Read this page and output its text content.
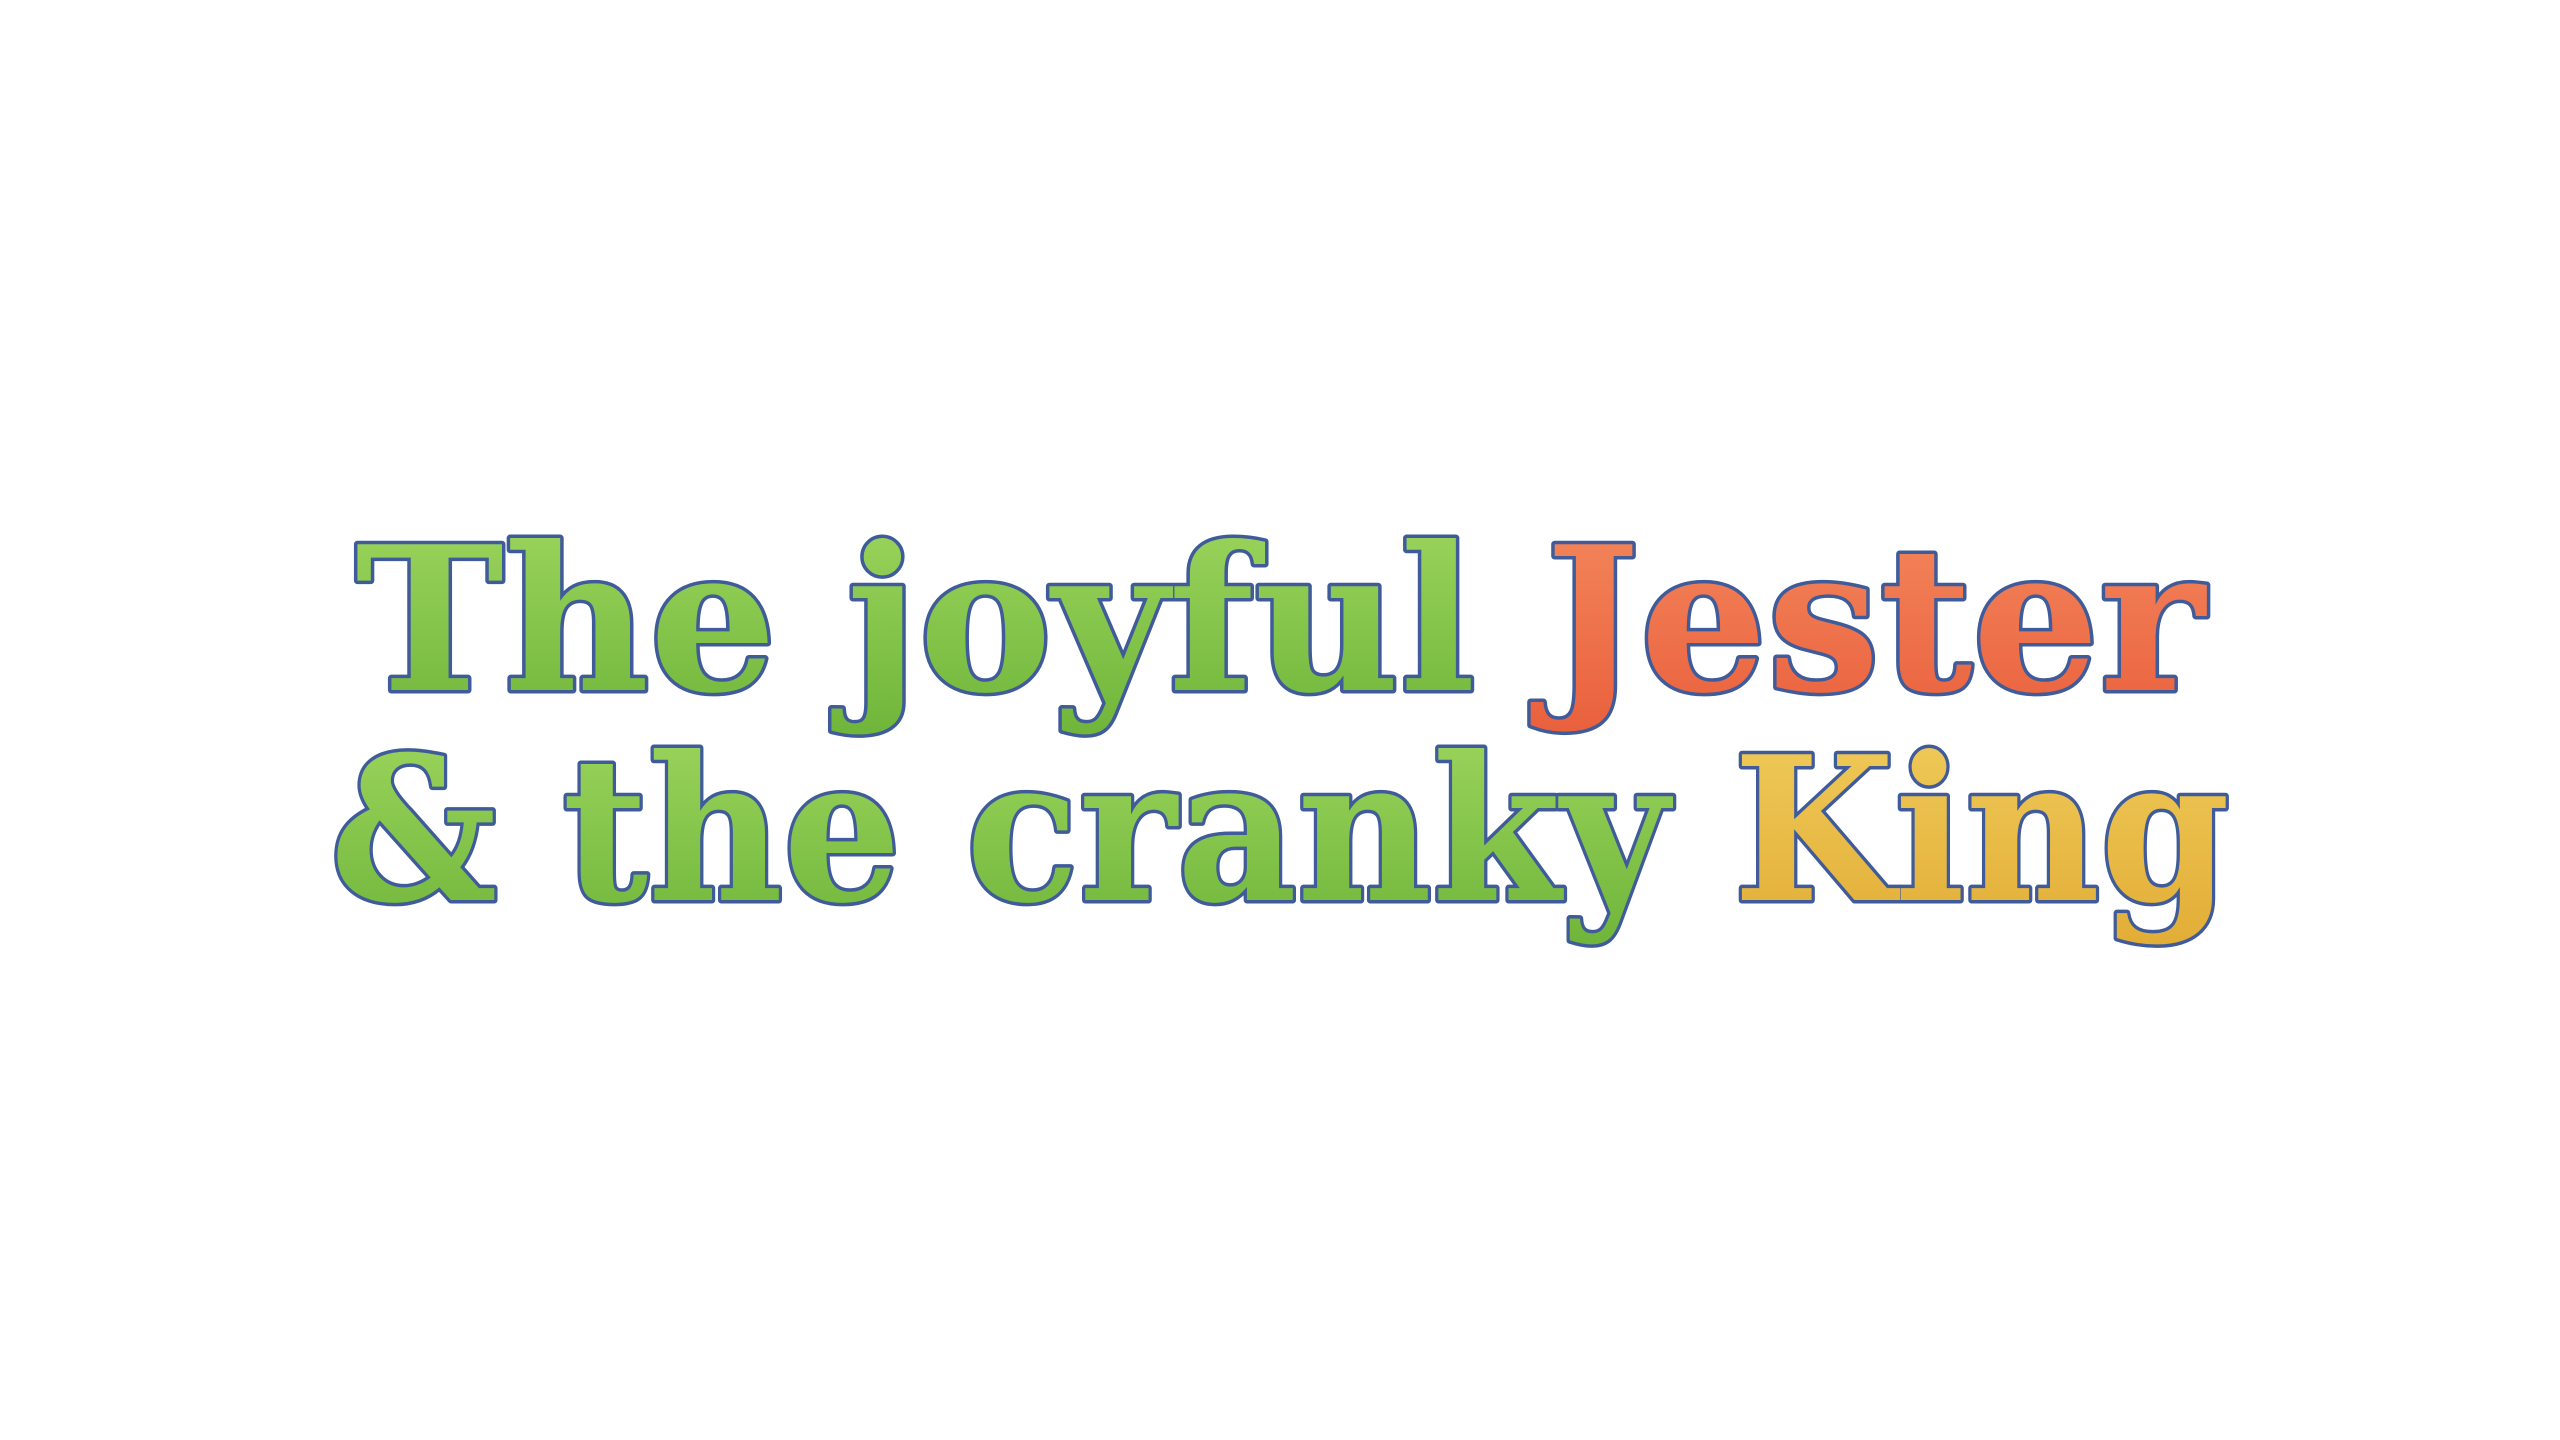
The joyful Jester
& the cranky King
